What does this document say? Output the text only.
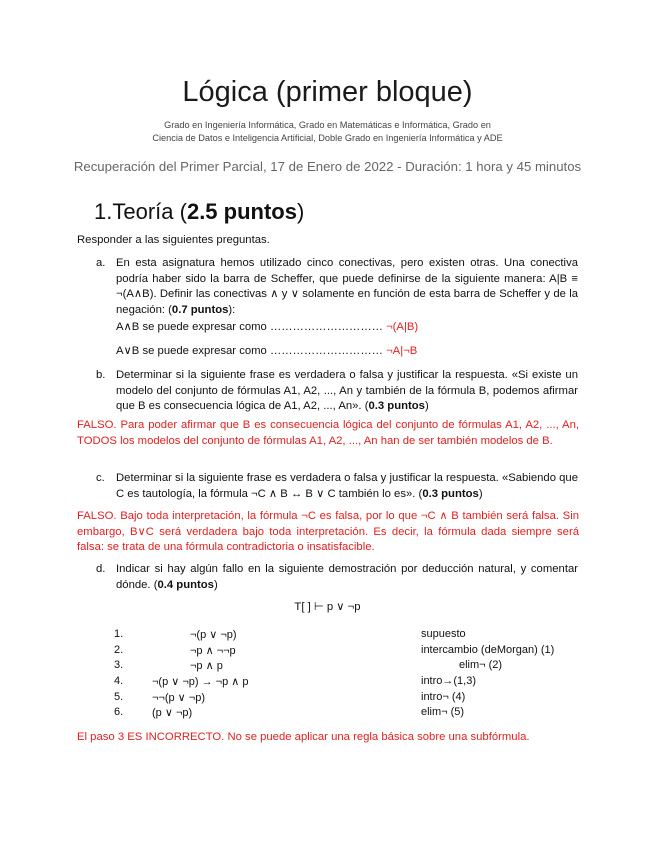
Lógica (primer bloque)
Grado en Ingeniería Informática, Grado en Matemáticas e Informática, Grado en
Ciencia de Datos e Inteligencia Artificial, Doble Grado en Ingeniería Informática y ADE
Recuperación del Primer Parcial, 17 de Enero de 2022 - Duración: 1 hora y 45 minutos
1.Teoría (2.5 puntos)
Responder a las siguientes preguntas.
a. En esta asignatura hemos utilizado cinco conectivas, pero existen otras. Una conectiva podría haber sido la barra de Scheffer, que puede definirse de la siguiente manera: A|B ≡ ¬(A∧B). Definir las conectivas ∧ y ∨ solamente en función de esta barra de Scheffer y de la negación: (0.7 puntos):
A∧B se puede expresar como ………………………… ¬(A|B)
A∨B se puede expresar como ………………………… ¬A|¬B
b. Determinar si la siguiente frase es verdadera o falsa y justificar la respuesta. «Si existe un modelo del conjunto de fórmulas A1, A2, ..., An y también de la fórmula B, podemos afirmar que B es consecuencia lógica de A1, A2, ..., An». (0.3 puntos)
FALSO. Para poder afirmar que B es consecuencia lógica del conjunto de fórmulas A1, A2, ..., An, TODOS los modelos del conjunto de fórmulas A1, A2, ..., An han de ser también modelos de B.
c. Determinar si la siguiente frase es verdadera o falsa y justificar la respuesta. «Sabiendo que C es tautología, la fórmula ¬C ∧ B ↔ B ∨ C también lo es». (0.3 puntos)
FALSO. Bajo toda interpretación, la fórmula ¬C es falsa, por lo que ¬C ∧ B también será falsa. Sin embargo, B∨C será verdadera bajo toda interpretación. Es decir, la fórmula dada siempre será falsa: se trata de una fórmula contradictoria o insatisfacible.
d. Indicar si hay algún fallo en la siguiente demostración por deducción natural, y comentar dónde. (0.4 puntos)
T[ ] ⊢ p ∨ ¬p
1.	¬(p ∨ ¬p)	supuesto
2.	¬p ∧ ¬¬p	intercambio (deMorgan) (1)
3.	¬p ∧ p	elim¬ (2)
4.	¬(p ∨ ¬p) → ¬p ∧ p	intro→(1,3)
5.	¬¬(p ∨ ¬p)	intro¬ (4)
6.	(p ∨ ¬p)	elim¬ (5)
El paso 3 ES INCORRECTO. No se puede aplicar una regla básica sobre una subfórmula.
